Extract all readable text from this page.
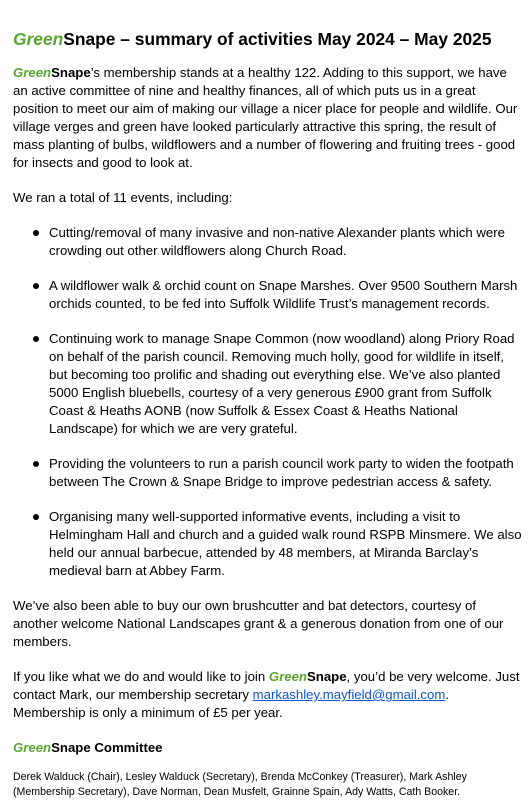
GreenSnape – summary of activities May 2024 – May 2025

GreenSnape’s membership stands at a healthy 122. Adding to this support, we have an active committee of nine and healthy finances, all of which puts us in a great position to meet our aim of making our village a nicer place for people and wildlife. Our village verges and green have looked particularly attractive this spring, the result of mass planting of bulbs, wildflowers and a number of flowering and fruiting trees - good for insects and good to look at.

We ran a total of 11 events, including:

Cutting/removal of many invasive and non-native Alexander plants which were crowding out other wildflowers along Church Road.
A wildflower walk & orchid count on Snape Marshes. Over 9500 Southern Marsh orchids counted, to be fed into Suffolk Wildlife Trust’s management records.
Continuing work to manage Snape Common (now woodland) along Priory Road on behalf of the parish council. Removing much holly, good for wildlife in itself, but becoming too prolific and shading out everything else. We’ve also planted 5000 English bluebells, courtesy of a very generous £900 grant from Suffolk Coast & Heaths AONB (now Suffolk & Essex Coast & Heaths National Landscape) for which we are very grateful.
Providing the volunteers to run a parish council work party to widen the footpath between The Crown & Snape Bridge to improve pedestrian access & safety.
Organising many well-supported informative events, including a visit to Helmingham Hall and church and a guided walk round RSPB Minsmere. We also held our annual barbecue, attended by 48 members, at Miranda Barclay’s medieval barn at Abbey Farm.

We’ve also been able to buy our own brushcutter and bat detectors, courtesy of another welcome National Landscapes grant & a generous donation from one of our members.

If you like what we do and would like to join GreenSnape, you’d be very welcome. Just contact Mark, our membership secretary markashley.mayfield@gmail.com. Membership is only a minimum of £5 per year.

GreenSnape Committee

Derek Walduck (Chair), Lesley Walduck (Secretary), Brenda McConkey (Treasurer), Mark Ashley (Membership Secretary), Dave Norman, Dean Musfelt, Grainne Spain, Ady Watts, Cath Booker.
